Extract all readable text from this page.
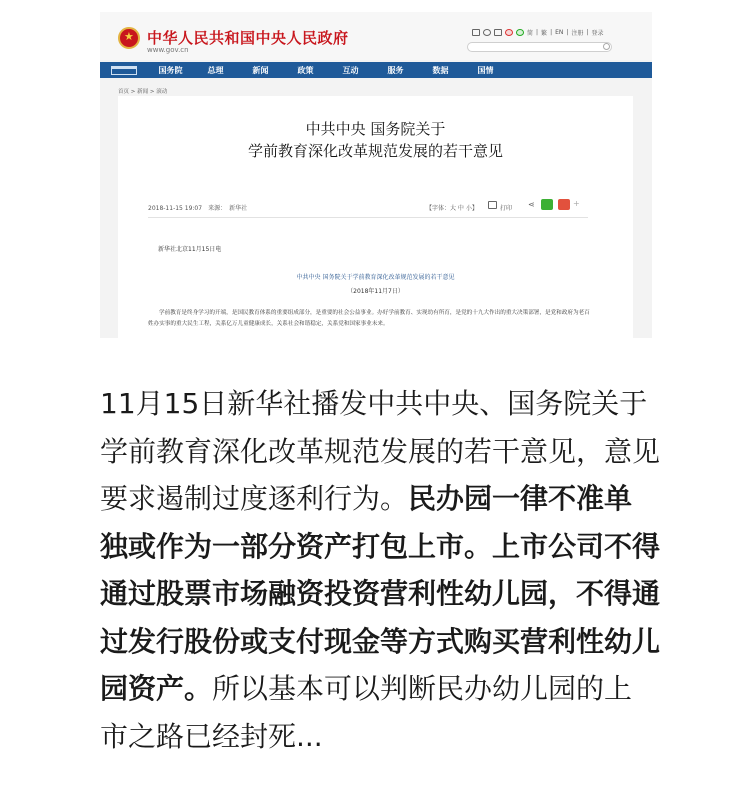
★
中华人民共和国中央人民政府
www.gov.cn
简 | 繁 | EN | 注册 | 登录
国务院	总理	新闻	政策	互动	服务	数据	国情
首页 > 新闻 > 滚动
中共中央 国务院关于
学前教育深化改革规范发展的若干意见
2018-11-15 19:07　来源：　新华社	【字体：大 中 小】	打印 ⋖	+
新华社北京11月15日电
中共中央 国务院关于学前教育深化改革规范发展的若干意见
（2018年11月7日）
学前教育是终身学习的开端，是国民教育体系的重要组成部分，是重要的社会公益事业。办好学前教育、实现幼有所育，是党的十九大作出的重大决策部署，是党和政府为老百姓办实事的重大民生工程，关系亿万儿童健康成长，关系社会和谐稳定，关系党和国家事业未来。
11月15日新华社播发中共中央、国务院关于学前教育深化改革规范发展的若干意见，意见要求遏制过度逐利行为。民办园一律不准单独或作为一部分资产打包上市。上市公司不得通过股票市场融资投资营利性幼儿园，不得通过发行股份或支付现金等方式购买营利性幼儿园资产。所以基本可以判断民办幼儿园的上市之路已经封死...
